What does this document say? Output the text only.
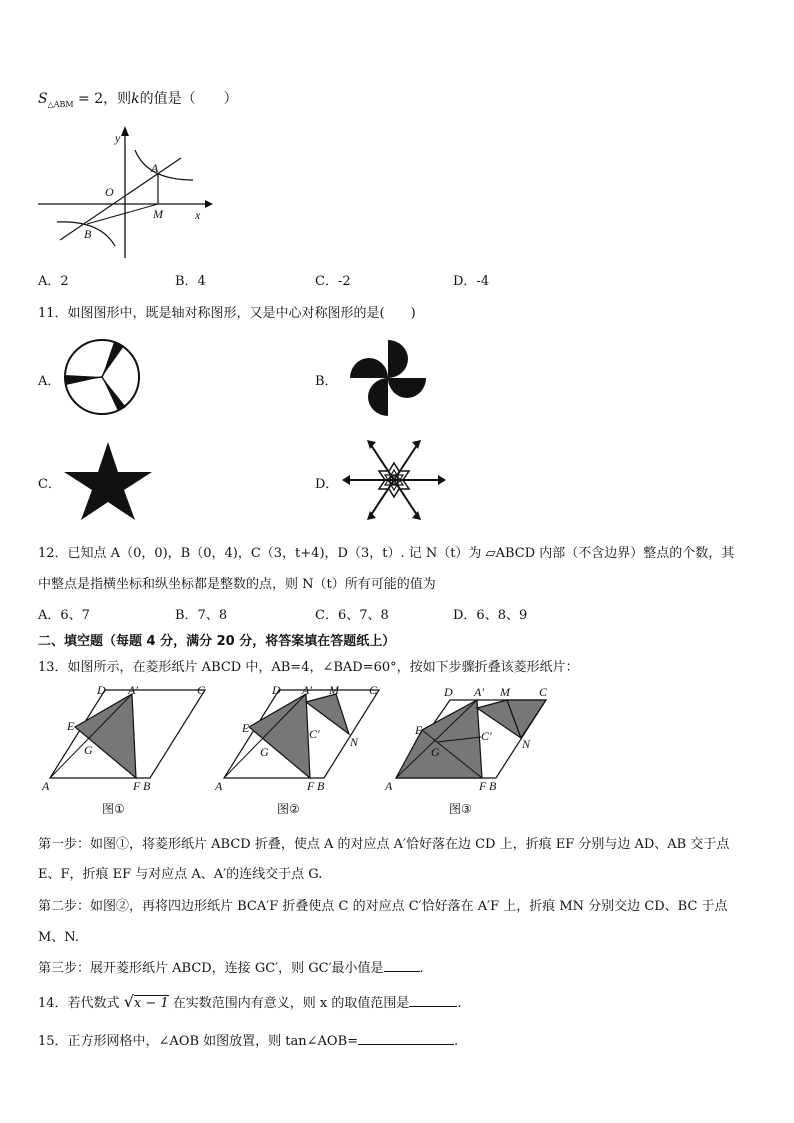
$S_{\triangle ABM} = 2$，则k的值是（　　）
y
x
O
A
M
B
A．2	B．4	C．-2	D．-4
11．如图图形中，既是轴对称图形，又是中心对称图形的是(　　)
A．	B．
C．	D．
12．已知点 A（0，0)，B（0，4)，C（3，t+4)，D（3，t）. 记 N（t）为 ▱ABCD 内部（不含边界）整点的个数，其
中整点是指横坐标和纵坐标都是整数的点，则 N（t）所有可能的值为
A．6、7	B．7、8	C．6、7、8	D．6、8、9
二、填空题（每题 4 分，满分 20 分，将答案填在答题纸上）
13．如图所示，在菱形纸片 ABCD 中，AB=4，∠BAD=60°，按如下步骤折叠该菱形纸片：
D A′	C
E
G
A	F B
图①
D A′ M	C
E	C′
N
G
A	F B
图②
D A′ M C
E	C′
N
G
A	F B
图③
第一步：如图①，将菱形纸片 ABCD 折叠，使点 A 的对应点 A′恰好落在边 CD 上，折痕 EF 分别与边 AD、AB 交于点
E、F，折痕 EF 与对应点 A、A′的连线交于点 G.
第二步：如图②，再将四边形纸片 BCA′F 折叠使点 C 的对应点 C′恰好落在 A′F 上，折痕 MN 分别交边 CD、BC 于点
M、N.
第三步：展开菱形纸片 ABCD，连接 GC′，则 GC′最小值是	.
14．若代数式 √x − 1 在实数范围内有意义，则 x 的取值范围是	.
15．正方形网格中，∠AOB 如图放置，则 tan∠AOB=	.
